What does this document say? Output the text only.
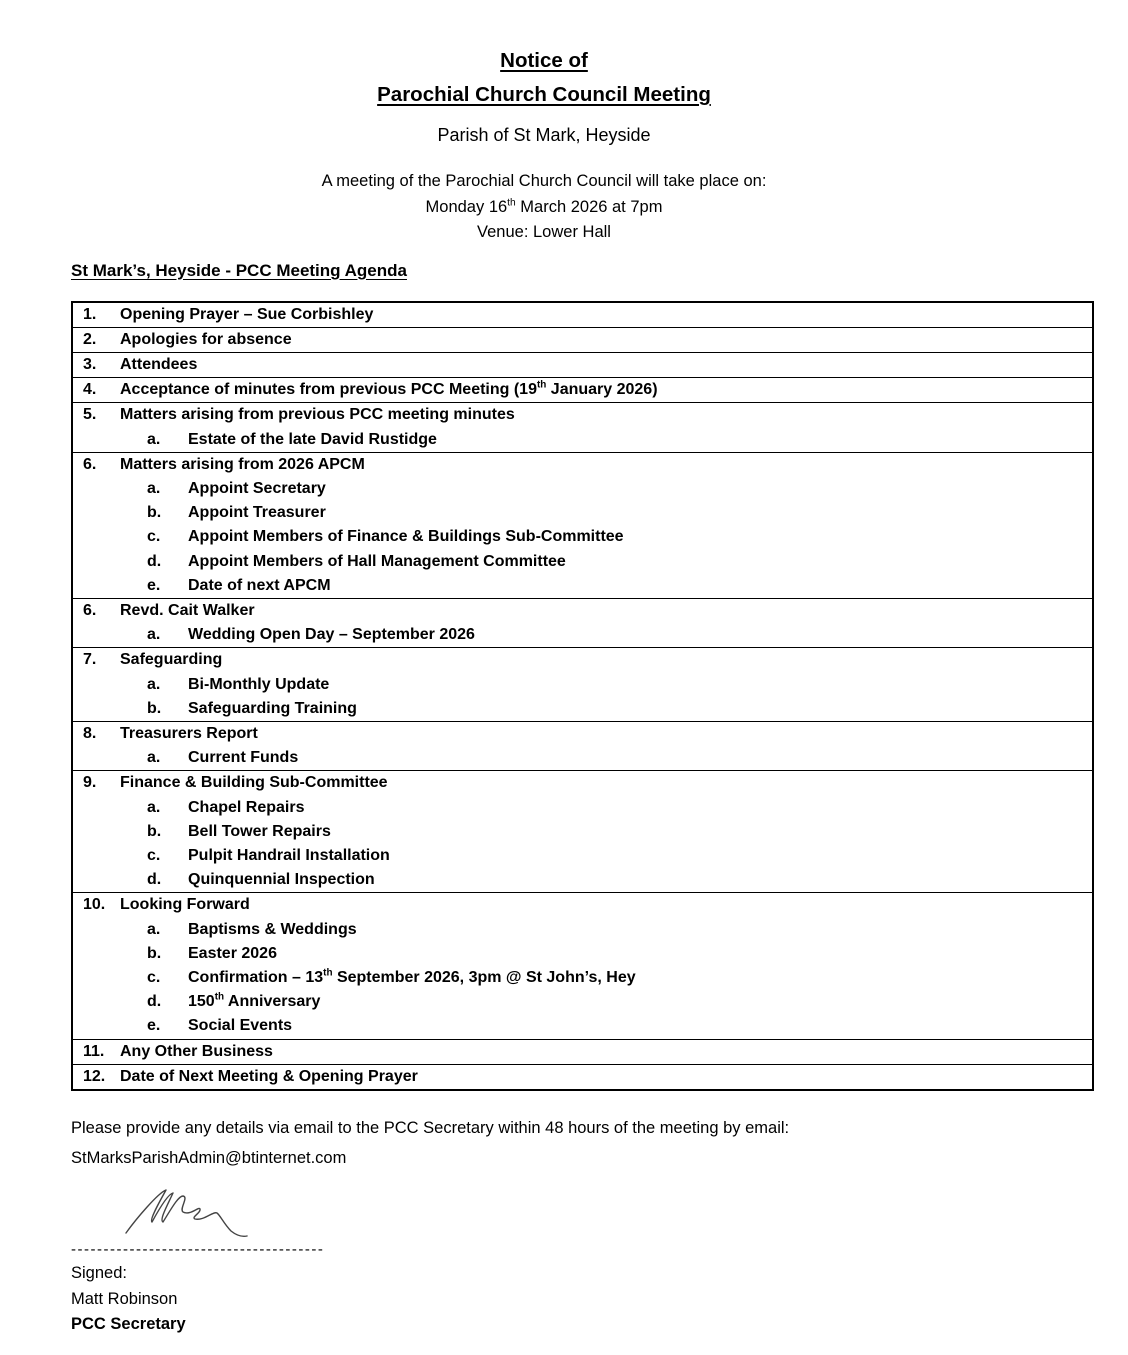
Notice of
Parochial Church Council Meeting
Parish of St Mark, Heyside
A meeting of the Parochial Church Council will take place on:
Monday 16th March 2026 at 7pm
Venue: Lower Hall
St Mark’s, Heyside - PCC Meeting Agenda
1. Opening Prayer – Sue Corbishley
2. Apologies for absence
3. Attendees
4. Acceptance of minutes from previous PCC Meeting (19th January 2026)
5. Matters arising from previous PCC meeting minutes
a. Estate of the late David Rustidge
6. Matters arising from 2026 APCM
a. Appoint Secretary
b. Appoint Treasurer
c. Appoint Members of Finance & Buildings Sub-Committee
d. Appoint Members of Hall Management Committee
e. Date of next APCM
6. Revd. Cait Walker
a. Wedding Open Day – September 2026
7. Safeguarding
a. Bi-Monthly Update
b. Safeguarding Training
8. Treasurers Report
a. Current Funds
9. Finance & Building Sub-Committee
a. Chapel Repairs
b. Bell Tower Repairs
c. Pulpit Handrail Installation
d. Quinquennial Inspection
10. Looking Forward
a. Baptisms & Weddings
b. Easter 2026
c. Confirmation – 13th September 2026, 3pm @ St John’s, Hey
d. 150th Anniversary
e. Social Events
11. Any Other Business
12. Date of Next Meeting & Opening Prayer
Please provide any details via email to the PCC Secretary within 48 hours of the meeting by email:
StMarksParishAdmin@btinternet.com
---------------------------------------
Signed:
Matt Robinson
PCC Secretary
